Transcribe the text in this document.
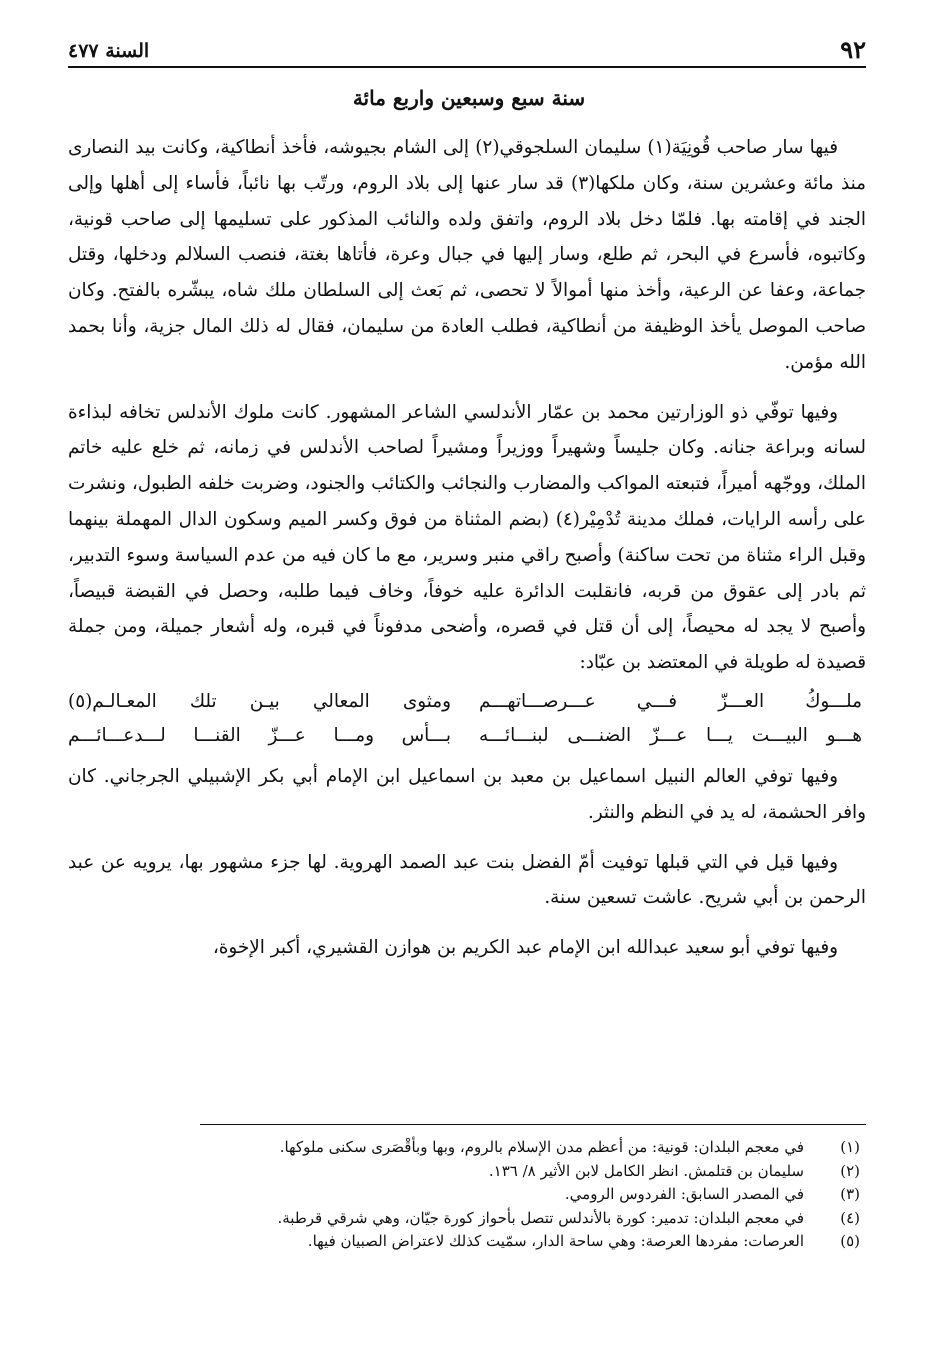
٩٢
السنة ٤٧٧
سنة سبع وسبعين واربع مائة

فيها سار صاحب قُونِيَة(١) سليمان السلجوقي(٢) إلى الشام بجيوشه، فأخذ أنطاكية، وكانت بيد النصارى منذ مائة وعشرين سنة، وكان ملكها(٣) قد سار عنها إلى بلاد الروم، ورتّب بها نائباً، فأساء إلى أهلها وإلى الجند في إقامته بها. فلمّا دخل بلاد الروم، واتفق ولده والنائب المذكور على تسليمها إلى صاحب قونية، وكاتبوه، فأسرع في البحر، ثم طلع، وسار إليها في جبال وعرة، فأتاها بغتة، فنصب السلالم ودخلها، وقتل جماعة، وعفا عن الرعية، وأخذ منها أموالاً لا تحصى، ثم بَعث إلى السلطان ملك شاه، يبشّره بالفتح. وكان صاحب الموصل يأخذ الوظيفة من أنطاكية، فطلب العادة من سليمان، فقال له ذلك المال جزية، وأنا بحمد الله مؤمن.

وفيها توفّي ذو الوزارتين محمد بن عمّار الأندلسي الشاعر المشهور. كانت ملوك الأندلس تخافه لبذاءة لسانه وبراعة جنانه. وكان جليساً وشهيراً ووزيراً ومشيراً لصاحب الأندلس في زمانه، ثم خلع عليه خاتم الملك، ووجّهه أميراً، فتبعته المواكب والمضارب والنجائب والكتائب والجنود، وضربت خلفه الطبول، ونشرت على رأسه الرايات، فملك مدينة تُدْمِيْر(٤) (بضم المثناة من فوق وكسر الميم وسكون الدال المهملة بينهما وقبل الراء مثناة من تحت ساكنة) وأصبح راقي منبر وسرير، مع ما كان فيه من عدم السياسة وسوء التدبير، ثم بادر إلى عقوق من قربه، فانقلبت الدائرة عليه خوفاً، وخاف فيما طلبه، وحصل في القبضة قبيصاً، وأصبح لا يجد له محيصاً، إلى أن قتل في قصره، وأضحى مدفوناً في قبره، وله أشعار جميلة، ومن جملة قصيدة له طويلة في المعتضد بن عبّاد:

ملـــوكُ العـــزّ فـــي عـــرصـــاتهـــم
ومثوى المعالي بيـن تلك المعـالـم(٥)
هـــو البيـــت يـــا عـــزّ الضنـــى لبنـــائـــه
بـــأس ومـــا عـــزّ القنـــا لـــدعـــائـــم

وفيها توفي العالم النبيل اسماعيل بن معبد بن اسماعيل ابن الإمام أبي بكر الإشبيلي الجرجاني. كان وافر الحشمة، له يد في النظم والنثر.

وفيها قيل في التي قبلها توفيت أمّ الفضل بنت عبد الصمد الهروية. لها جزء مشهور بها، يرويه عن عبد الرحمن بن أبي شريح. عاشت تسعين سنة.

وفيها توفي أبو سعيد عبدالله ابن الإمام عبد الكريم بن هوازن القشيري، أكبر الإخوة،

(١)
في معجم البلدان: قونية: من أعظم مدن الإسلام بالروم، وبها وبأقْصَرى سكنى ملوكها.
(٢)
سليمان بن قتلمش. انظر الكامل لابن الأثير ٨/ ١٣٦.
(٣)
في المصدر السابق: الفردوس الرومي.
(٤)
في معجم البلدان: تدمير: كورة بالأندلس تتصل بأحواز كورة جيّان، وهي شرقي قرطبة.
(٥)
العرصات: مفردها العرصة: وهي ساحة الدار، سمّيت كذلك لاعتراض الصبيان فيها.
